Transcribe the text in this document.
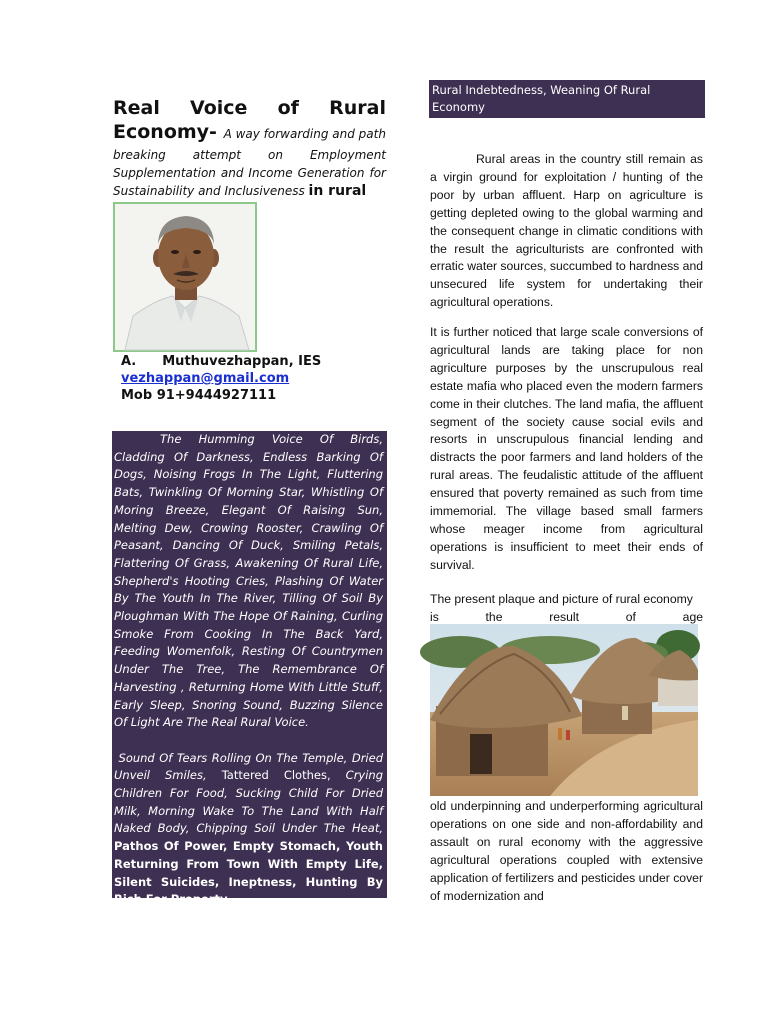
Real Voice of Rural
Economy- A way forwarding and path
breaking attempt on Employment Supplementation and Income Generation for Sustainability and Inclusiveness in rural
A. Muthuvezhappan, IES
vezhappan@gmail.com
Mob 91+9444927111

The Humming Voice Of Birds, Cladding Of Darkness, Endless Barking Of Dogs, Noising Frogs In The Light, Fluttering Bats, Twinkling Of Morning Star, Whistling Of Moring Breeze, Elegant Of Raising Sun, Melting Dew, Crowing Rooster, Crawling Of Peasant, Dancing Of Duck, Smiling Petals, Flattering Of Grass, Awakening Of Rural Life, Shepherd's Hooting Cries, Plashing Of Water By The Youth In The River, Tilling Of Soil By Ploughman With The Hope Of Raining, Curling Smoke From Cooking In The Back Yard, Feeding Womenfolk, Resting Of Countrymen Under The Tree, The Remembrance Of Harvesting , Returning Home With Little Stuff, Early Sleep, Snoring Sound, Buzzing Silence Of Light Are The Real Rural Voice.

Sound Of Tears Rolling On The Temple, Dried Unveil Smiles, Tattered Clothes, Crying Children For Food, Sucking Child For Dried Milk, Morning Wake To The Land With Half Naked Body, Chipping Soil Under The Heat, Pathos Of Power, Empty Stomach, Youth Returning From Town With Empty Life, Silent Suicides, Ineptness, Hunting By Rich For Property,

Rural Indebtedness, Weaning Of Rural Economy
Are Yet Another Reality Of Rural Life

Rural areas in the country still remain as a virgin ground for exploitation / hunting of the poor by urban affluent. Harp on agriculture is getting depleted owing to the global warming and the consequent change in climatic conditions with the result the agriculturists are confronted with erratic water sources, succumbed to hardness and unsecured life system for undertaking their agricultural operations.

It is further noticed that large scale conversions of agricultural lands are taking place for non agriculture purposes by the unscrupulous real estate mafia who placed even the modern farmers come in their clutches. The land mafia, the affluent segment of the society cause social evils and resorts in unscrupulous financial lending and distracts the poor farmers and land holders of the rural areas. The feudalistic attitude of the affluent ensured that poverty remained as such from time immemorial. The village based small farmers whose meager income from agricultural operations is insufficient to meet their ends of survival.

The present plaque and picture of rural economy

is the result of age

old underpinning and underperforming agricultural operations on one side and non-affordability and assault on rural economy with the aggressive agricultural operations coupled with extensive application of fertilizers and pesticides under cover of modernization and
